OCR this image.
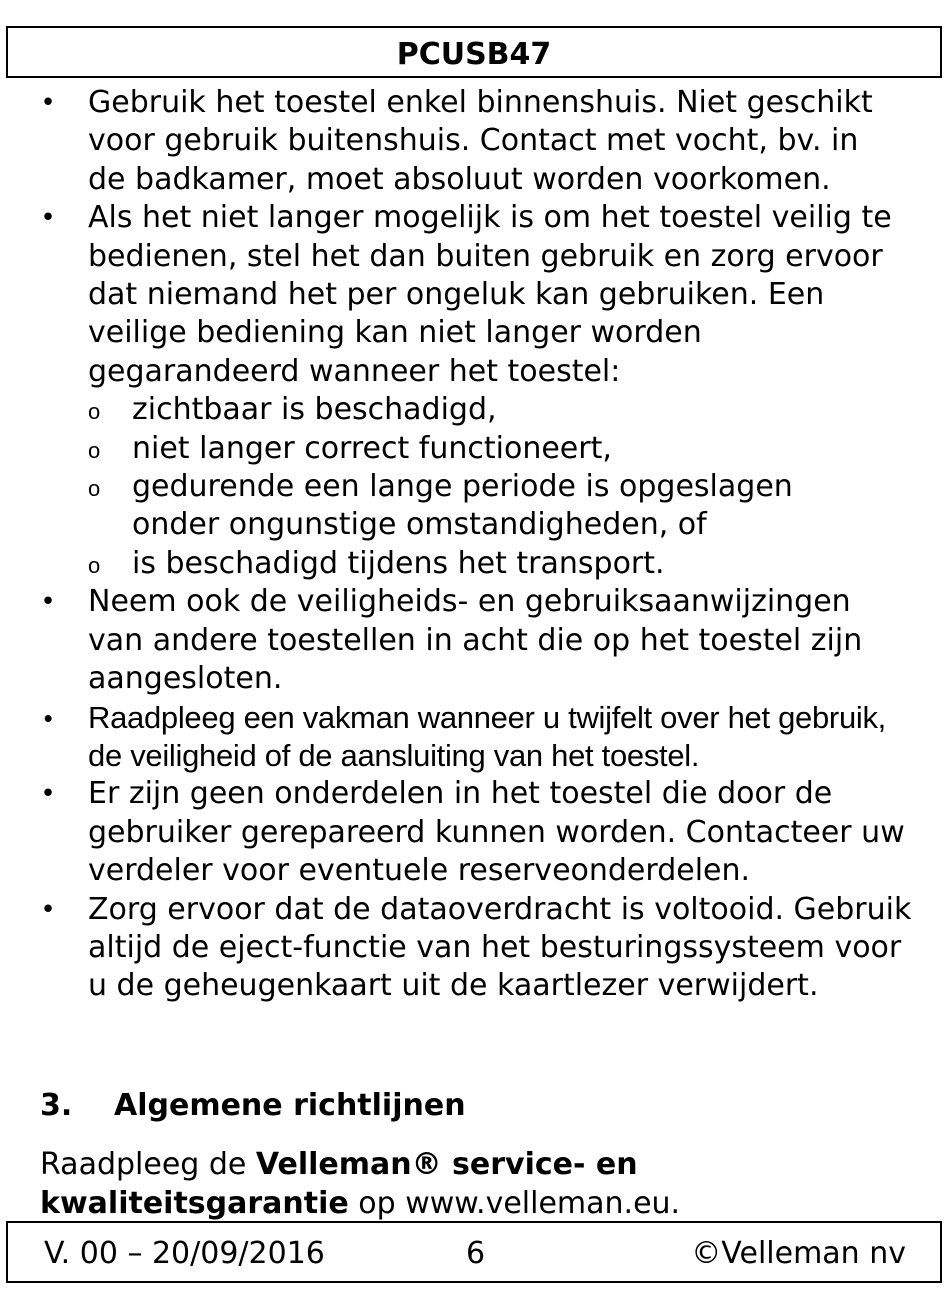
PCUSB47
• Gebruik het toestel enkel binnenshuis. Niet geschikt voor gebruik buitenshuis. Contact met vocht, bv. in de badkamer, moet absoluut worden voorkomen.
• Als het niet langer mogelijk is om het toestel veilig te bedienen, stel het dan buiten gebruik en zorg ervoor dat niemand het per ongeluk kan gebruiken. Een veilige bediening kan niet langer worden gegarandeerd wanneer het toestel:
o zichtbaar is beschadigd,
o niet langer correct functioneert,
o gedurende een lange periode is opgeslagen onder ongunstige omstandigheden, of
o is beschadigd tijdens het transport.
• Neem ook de veiligheids- en gebruiksaanwijzingen van andere toestellen in acht die op het toestel zijn aangesloten.
• Raadpleeg een vakman wanneer u twijfelt over het gebruik, de veiligheid of de aansluiting van het toestel.
• Er zijn geen onderdelen in het toestel die door de gebruiker gerepareerd kunnen worden. Contacteer uw verdeler voor eventuele reserveonderdelen.
• Zorg ervoor dat de dataoverdracht is voltooid. Gebruik altijd de eject-functie van het besturingssysteem voor u de geheugenkaart uit de kaartlezer verwijdert.
3. Algemene richtlijnen
Raadpleeg de Velleman® service- en kwaliteitsgarantie op www.velleman.eu.
V. 00 – 20/09/2016	6	©Velleman nv
